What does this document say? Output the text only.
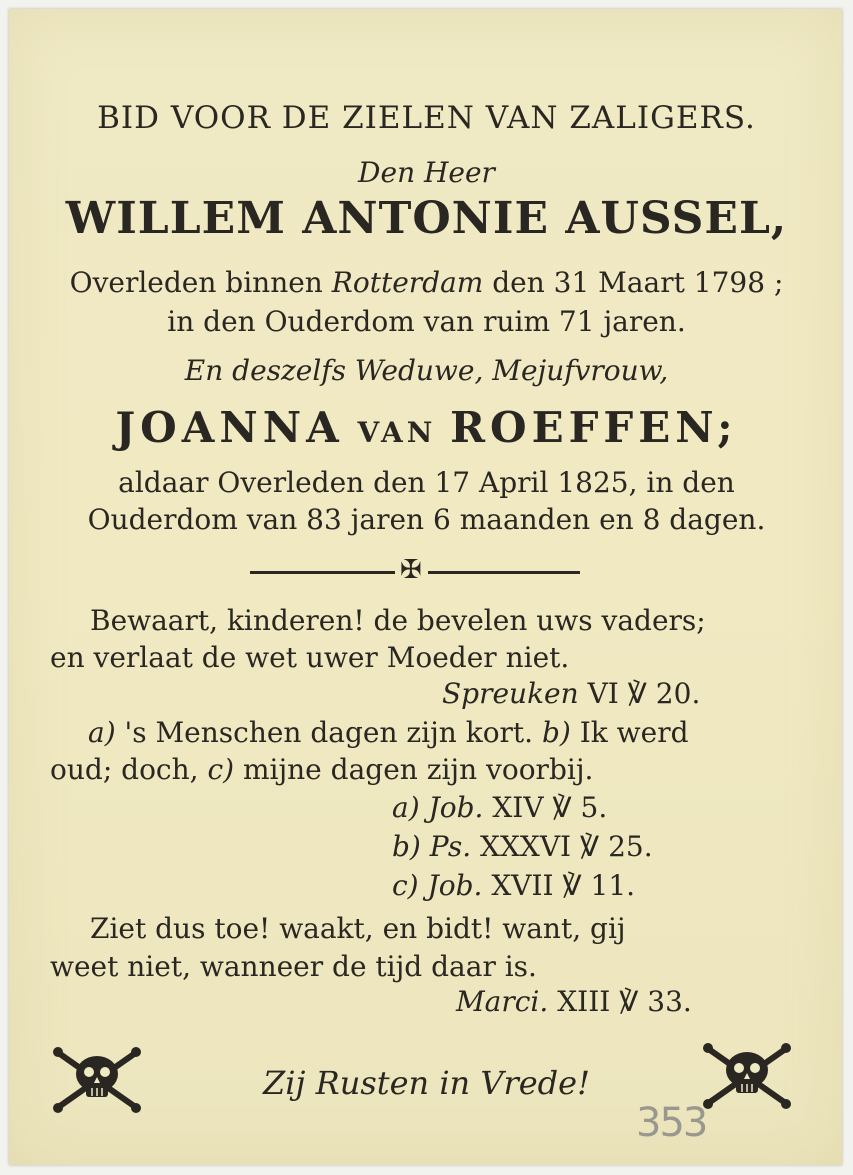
BID VOOR DE ZIELEN VAN ZALIGERS.
Den Heer
WILLEM ANTONIE AUSSEL,
Overleden binnen Rotterdam den 31 Maart 1798 ;
in den Ouderdom van ruim 71 jaren.
En deszelfs Weduwe, Mejufvrouw,
JOANNA VAN ROEFFEN;
aldaar Overleden den 17 April 1825, in den
Ouderdom van 83 jaren 6 maanden en 8 dagen.
✠
Bewaart, kinderen! de bevelen uws vaders;
en verlaat de wet uwer Moeder niet.
Spreuken VI ℣ 20.
a) 's Menschen dagen zijn kort. b) Ik werd
oud; doch, c) mijne dagen zijn voorbij.
a) Job. XIV ℣ 5.
b) Ps. XXXVI ℣ 25.
c) Job. XVII ℣ 11.
Ziet dus toe! waakt, en bidt! want, gij
weet niet, wanneer de tijd daar is.
Marci. XIII ℣ 33.
Zij Rusten in Vrede!
353
